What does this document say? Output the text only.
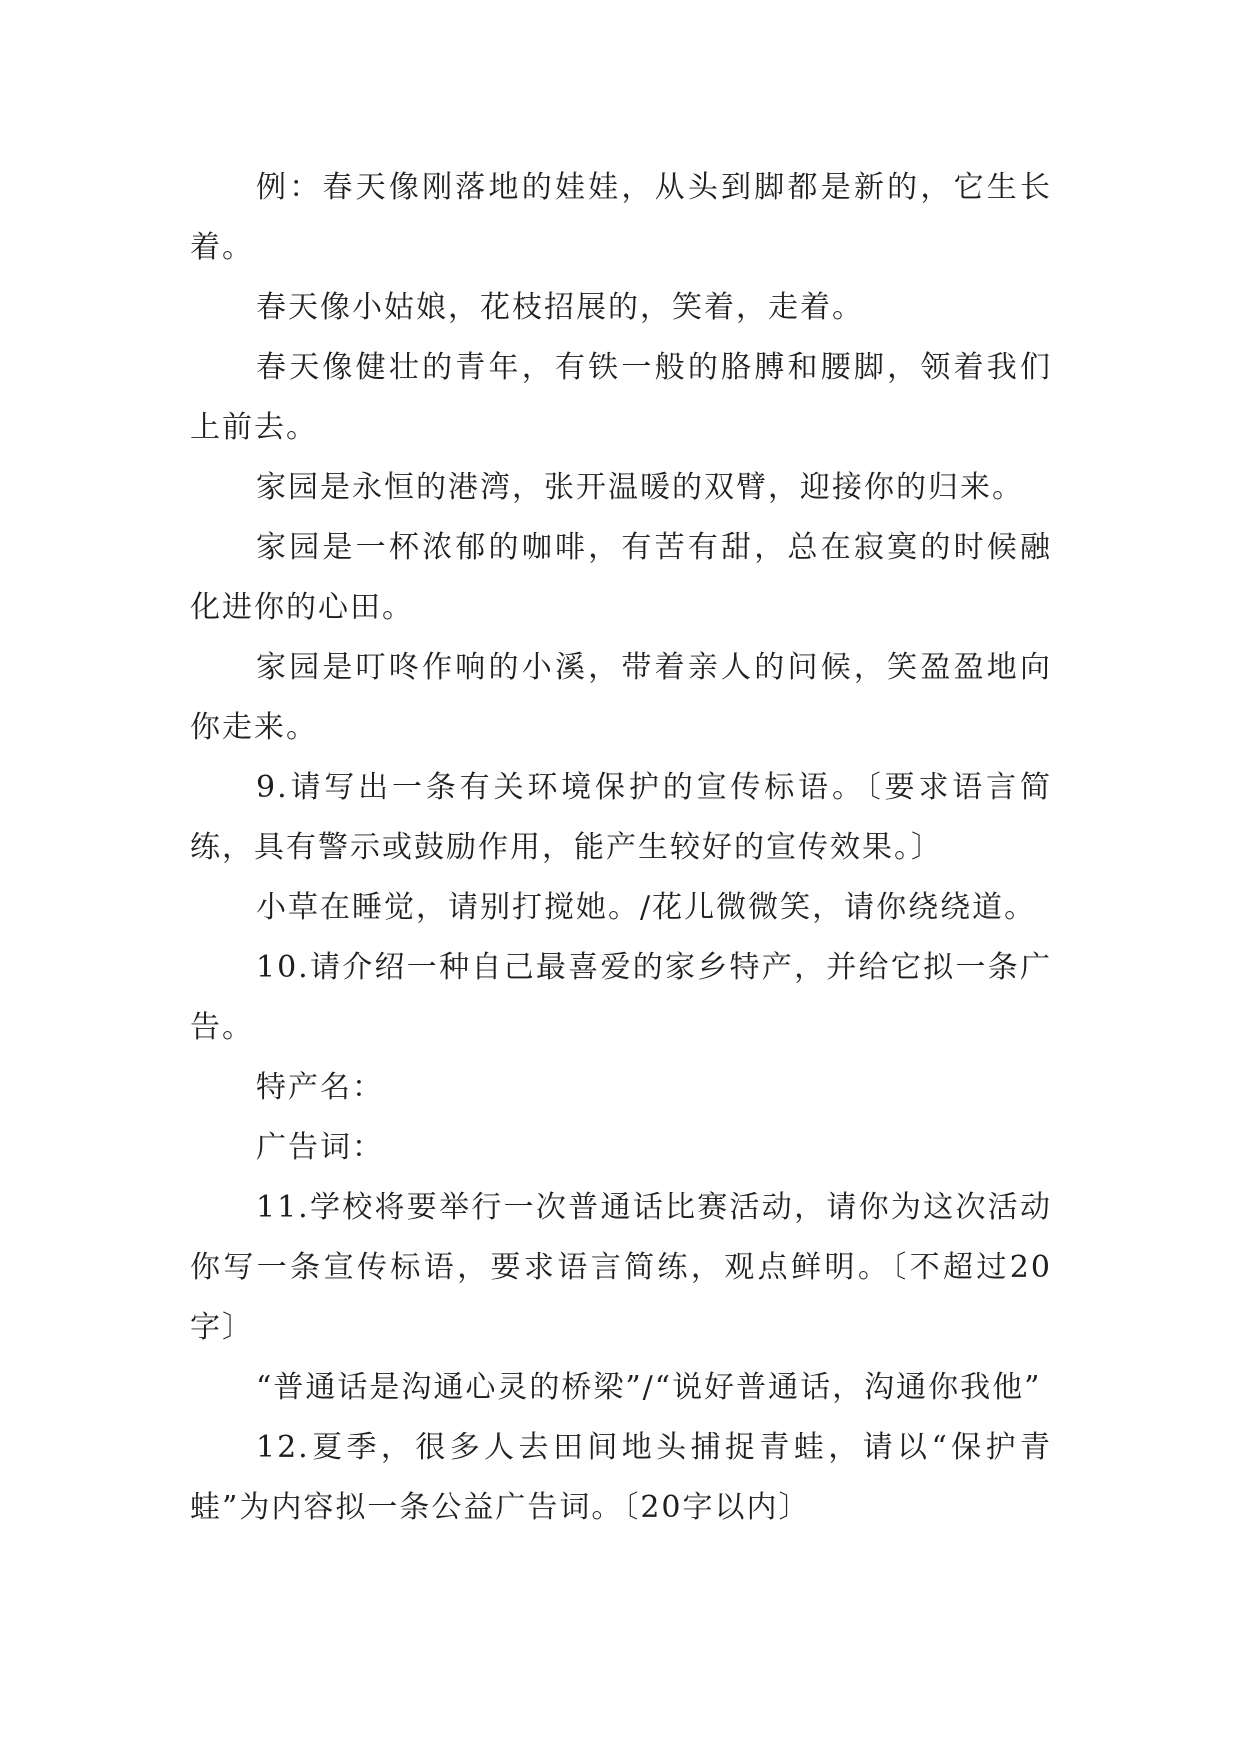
例：春天像刚落地的娃娃，从头到脚都是新的，它生长着。

春天像小姑娘，花枝招展的，笑着，走着。

春天像健壮的青年，有铁一般的胳膊和腰脚，领着我们上前去。

家园是永恒的港湾，张开温暖的双臂，迎接你的归来。

家园是一杯浓郁的咖啡，有苦有甜，总在寂寞的时候融化进你的心田。

家园是叮咚作响的小溪，带着亲人的问候，笑盈盈地向你走来。

9.请写出一条有关环境保护的宣传标语。〔要求语言简练，具有警示或鼓励作用，能产生较好的宣传效果。〕

小草在睡觉，请别打搅她。/花儿微微笑，请你绕绕道。

10.请介绍一种自己最喜爱的家乡特产，并给它拟一条广告。

特产名：

广告词：

11.学校将要举行一次普通话比赛活动，请你为这次活动你写一条宣传标语，要求语言简练，观点鲜明。〔不超过20字〕

“普通话是沟通心灵的桥梁”/“说好普通话，沟通你我他”

12.夏季，很多人去田间地头捕捉青蛙，请以“保护青蛙”为内容拟一条公益广告词。〔20字以内〕
